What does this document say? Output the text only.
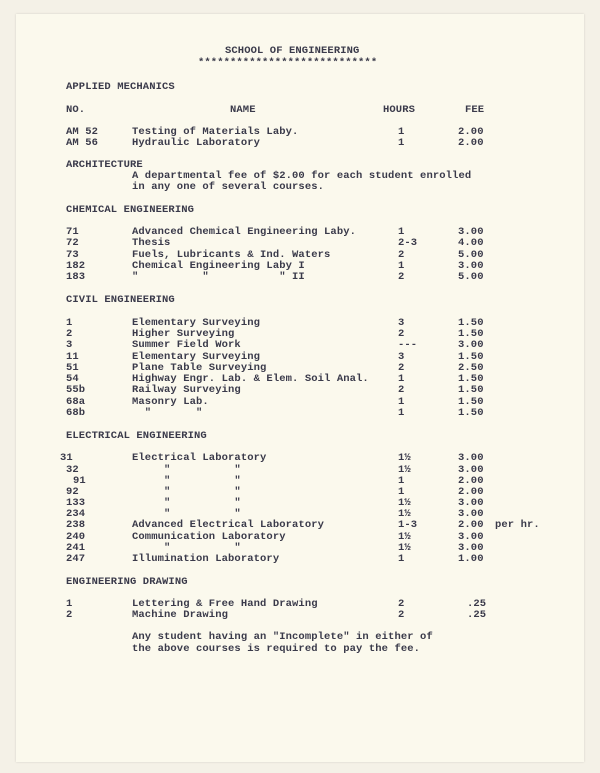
SCHOOL OF ENGINEERING
****************************
APPLIED MECHANICS
NO.	NAME	HOURS	FEE
AM 52	Testing of Materials Laby.	1	2.00
AM 56	Hydraulic Laboratory	1	2.00
ARCHITECTURE
A departmental fee of $2.00 for each student enrolled
in any one of several courses.
CHEMICAL ENGINEERING
71	Advanced Chemical Engineering Laby.	1	3.00
72	Thesis	2-3	4.00
73	Fuels, Lubricants & Ind. Waters	2	5.00
182	Chemical Engineering Laby I	1	3.00
183	"          "           " II	2	5.00
CIVIL ENGINEERING
1	Elementary Surveying	3	1.50
2	Higher Surveying	2	1.50
3	Summer Field Work	---	3.00
11	Elementary Surveying	3	1.50
51	Plane Table Surveying	2	2.50
54	Highway Engr. Lab. & Elem. Soil Anal.	1	1.50
55b	Railway Surveying	2	1.50
68a	Masonry Lab.	1	1.50
68b	"       "	1	1.50
ELECTRICAL ENGINEERING
31	Electrical Laboratory	1½	3.00
32	"          "	1½	3.00
91	"          "	1	2.00
92	"          "	1	2.00
133	"          "	1½	3.00
234	"          "	1½	3.00
238	Advanced Electrical Laboratory	1-3	2.00 per hr.
240	Communication Laboratory	1½	3.00
241	"          "	1½	3.00
247	Illumination Laboratory	1	1.00
ENGINEERING DRAWING
1	Lettering & Free Hand Drawing	2	.25
2	Machine Drawing	2	.25
Any student having an "Incomplete" in either of
the above courses is required to pay the fee.
